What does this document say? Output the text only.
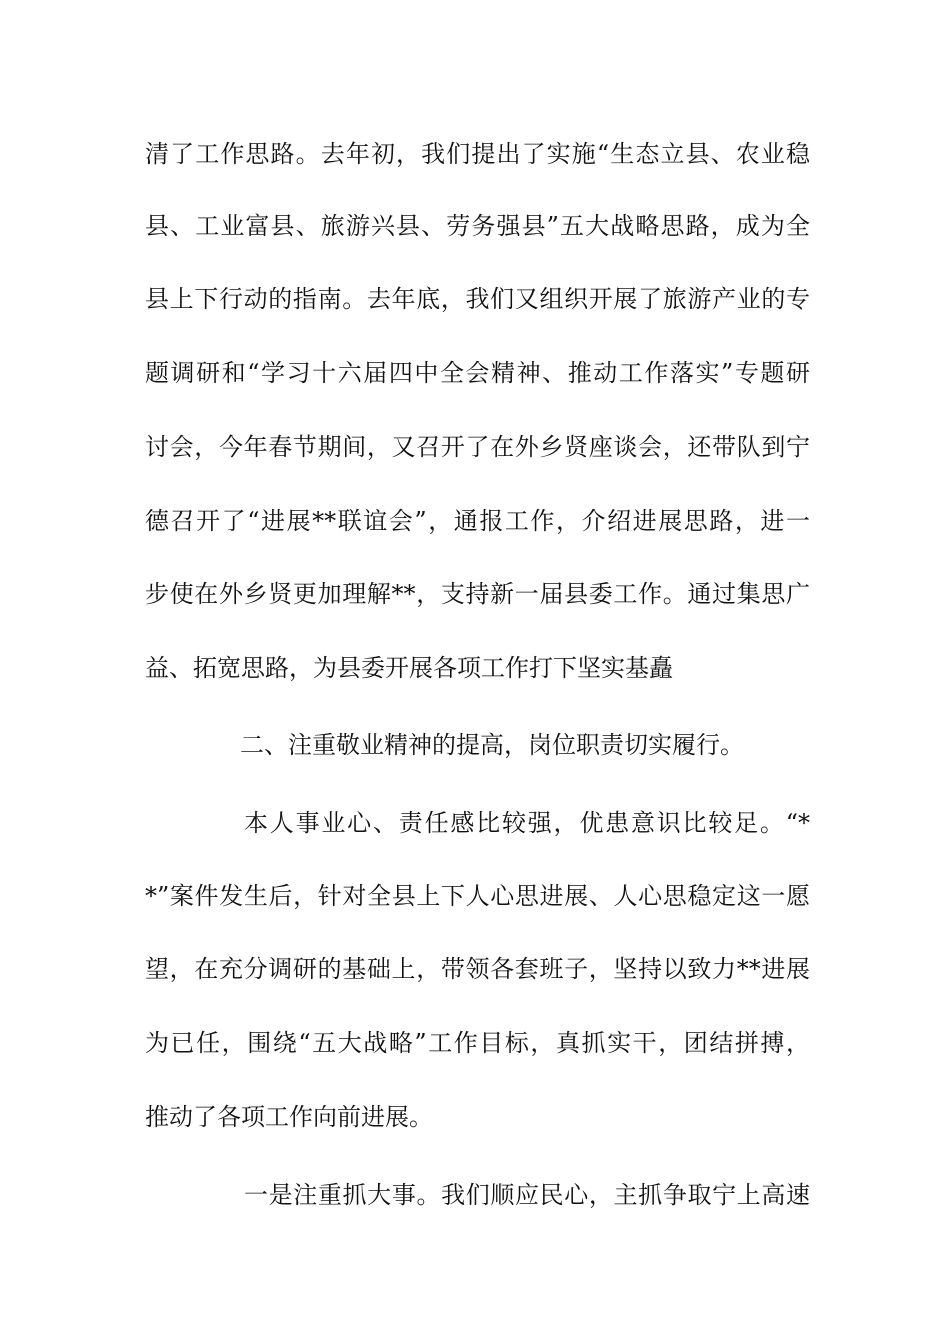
清了工作思路。去年初，我们提出了实施“生态立县、农业稳
县、工业富县、旅游兴县、劳务强县”五大战略思路，成为全
县上下行动的指南。去年底，我们又组织开展了旅游产业的专
题调研和“学习十六届四中全会精神、推动工作落实”专题研
讨会，今年春节期间，又召开了在外乡贤座谈会，还带队到宁
德召开了“进展**联谊会”，通报工作，介绍进展思路，进一
步使在外乡贤更加理解**，支持新一届县委工作。通过集思广
益、拓宽思路，为县委开展各项工作打下坚实基矗
二、注重敬业精神的提高，岗位职责切实履行。
本人事业心、责任感比较强，优患意识比较足。“*
*”案件发生后，针对全县上下人心思进展、人心思稳定这一愿
望，在充分调研的基础上，带领各套班子，坚持以致力**进展
为已任，围绕“五大战略”工作目标，真抓实干，团结拼搏，
推动了各项工作向前进展。
一是注重抓大事。我们顺应民心，主抓争取宁上高速
